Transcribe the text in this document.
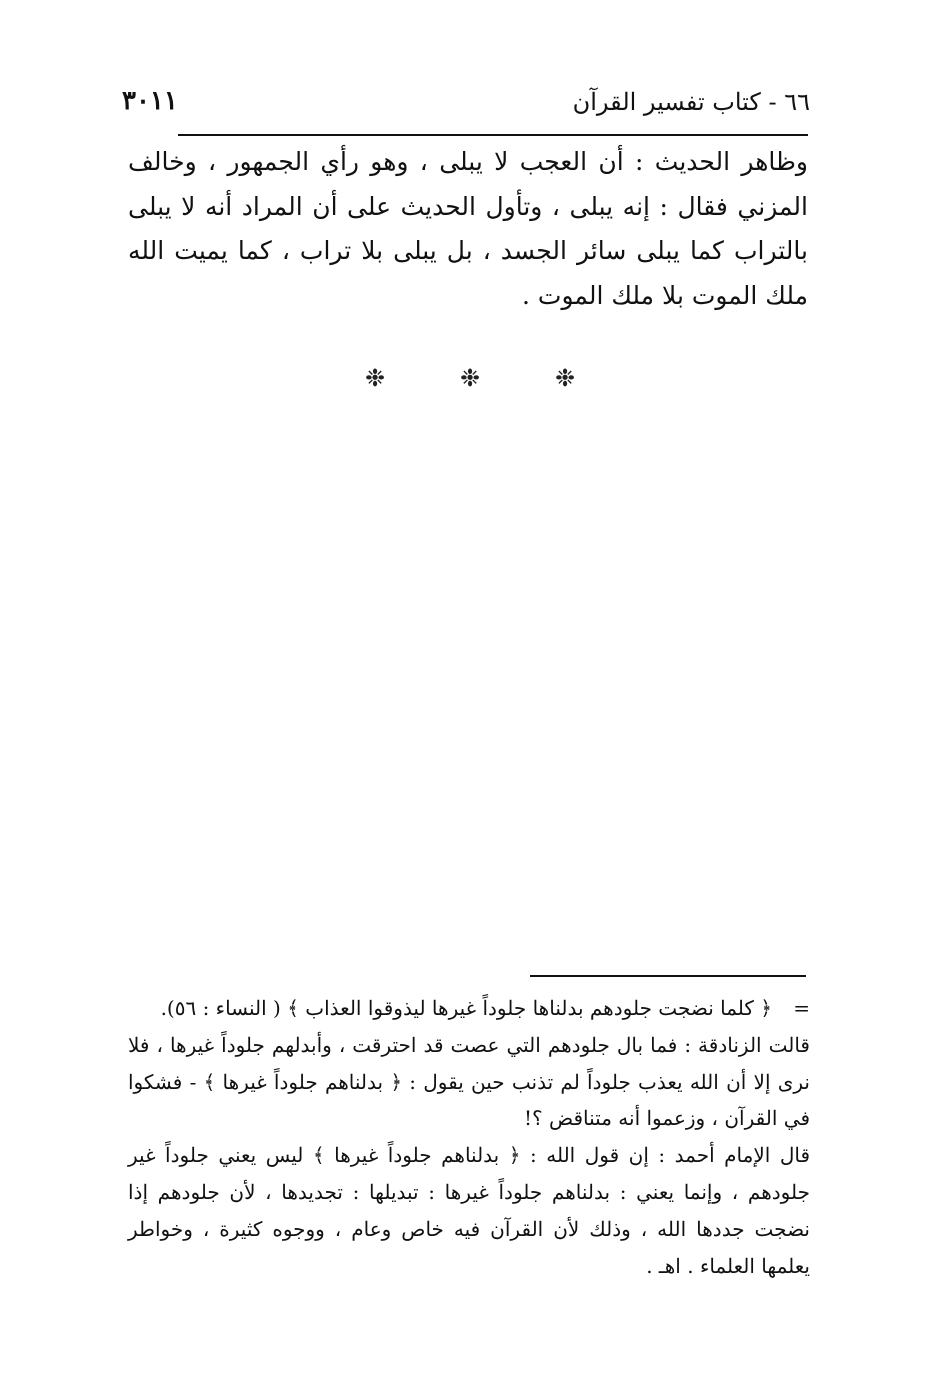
٣٠١١	٦٦ - كتاب تفسير القرآن

وظاهر الحديث : أن العجب لا يبلى ، وهو رأي الجمهور ، وخالف المزني فقال : إنه يبلى ، وتأول الحديث على أن المراد أنه لا يبلى بالتراب كما يبلى سائر الجسد ، بل يبلى بلا تراب ، كما يميت الله ملك الموت بلا ملك الموت .

❉	❉	❉

=
﴿ كلما نضجت جلودهم بدلناها جلوداً غيرها ليذوقوا العذاب ﴾ ( النساء : ٥٦).

قالت الزنادقة : فما بال جلودهم التي عصت قد احترقت ، وأبدلهم جلوداً غيرها ، فلا نرى إلا أن الله يعذب جلوداً لم تذنب حين يقول : ﴿ بدلناهم جلوداً غيرها ﴾ - فشكوا في القرآن ، وزعموا أنه متناقض ؟!

قال الإمام أحمد : إن قول الله : ﴿ بدلناهم جلوداً غيرها ﴾ ليس يعني جلوداً غير جلودهم ، وإنما يعني : بدلناهم جلوداً غيرها : تبديلها : تجديدها ، لأن جلودهم إذا نضجت جددها الله ، وذلك لأن القرآن فيه خاص وعام ، ووجوه كثيرة ، وخواطر يعلمها العلماء . اهـ .
